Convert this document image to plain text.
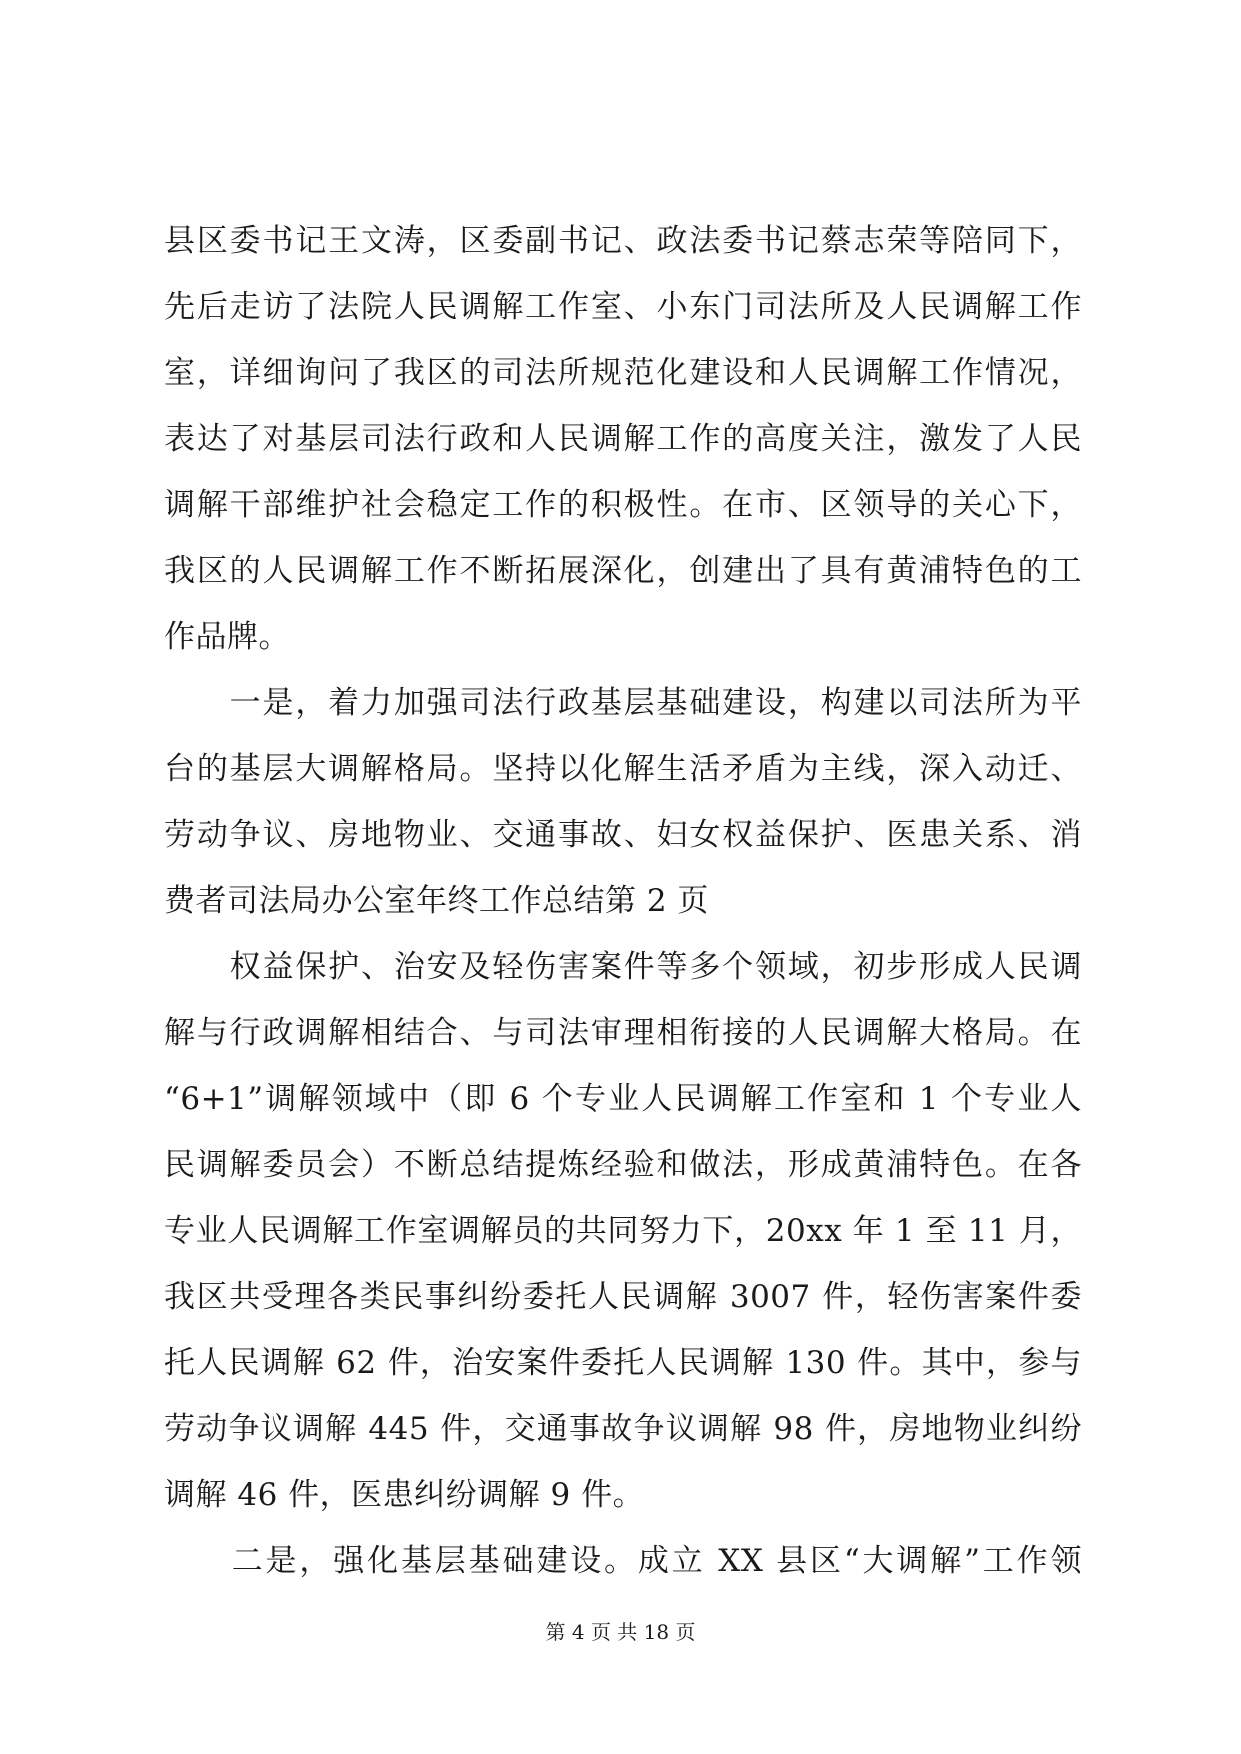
县区委书记王文涛，区委副书记、政法委书记蔡志荣等陪同下，
先后走访了法院人民调解工作室、小东门司法所及人民调解工作
室，详细询问了我区的司法所规范化建设和人民调解工作情况，
表达了对基层司法行政和人民调解工作的高度关注，激发了人民
调解干部维护社会稳定工作的积极性。在市、区领导的关心下，
我区的人民调解工作不断拓展深化，创建出了具有黄浦特色的工
作品牌。
　　一是，着力加强司法行政基层基础建设，构建以司法所为平
台的基层大调解格局。坚持以化解生活矛盾为主线，深入动迁、
劳动争议、房地物业、交通事故、妇女权益保护、医患关系、消
费者司法局办公室年终工作总结第 2 页
　　权益保护、治安及轻伤害案件等多个领域，初步形成人民调
解与行政调解相结合、与司法审理相衔接的人民调解大格局。在
“6+1”调解领域中（即 6 个专业人民调解工作室和 1 个专业人
民调解委员会）不断总结提炼经验和做法，形成黄浦特色。在各
专业人民调解工作室调解员的共同努力下，20xx 年 1 至 11 月，
我区共受理各类民事纠纷委托人民调解 3007 件，轻伤害案件委
托人民调解 62 件，治安案件委托人民调解 130 件。其中，参与
劳动争议调解 445 件，交通事故争议调解 98 件，房地物业纠纷
调解 46 件，医患纠纷调解 9 件。
　　二是，强化基层基础建设。成立 XX 县区“大调解”工作领
第 4 页 共 18 页
